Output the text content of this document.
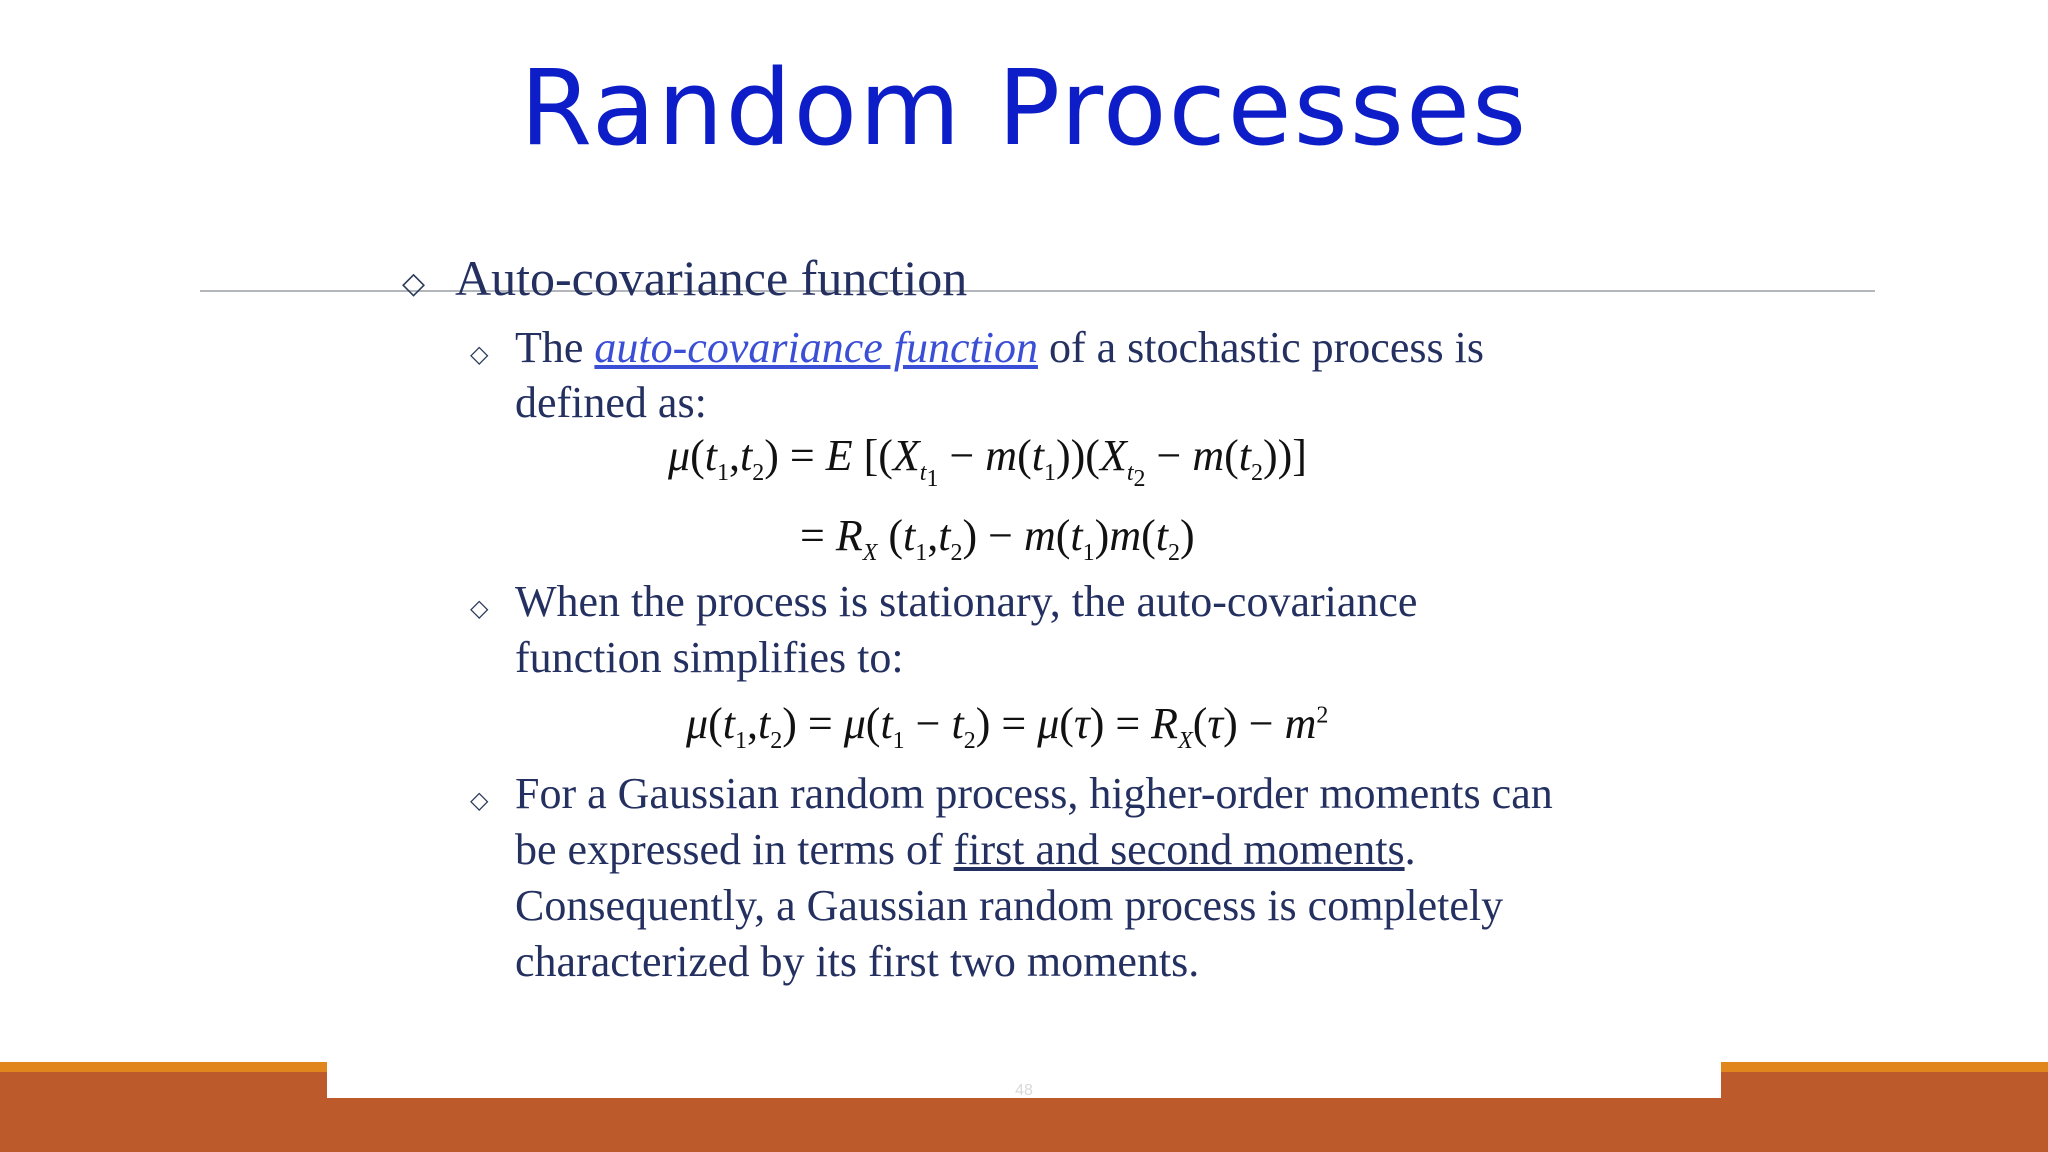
Random Processes
◇ Auto-covariance function
◇ The auto-covariance function of a stochastic process is
defined as:
$\mu(t_1,t_2) = E$ $[(X_{t_1} - m(t_1))(X_{t_2} - m(t_2))]$
= $R_X$ $(t_1,t_2) - m(t_1)m(t_2)$
◇ When the process is stationary, the auto-covariance
function simplifies to:
$\mu(t_1,t_2) = \mu(t_1 - t_2) = \mu(\tau) = R_X(\tau) - m^2$
◇ For a Gaussian random process, higher-order moments can
be expressed in terms of first and second moments.
Consequently, a Gaussian random process is completely
characterized by its first two moments.
48
